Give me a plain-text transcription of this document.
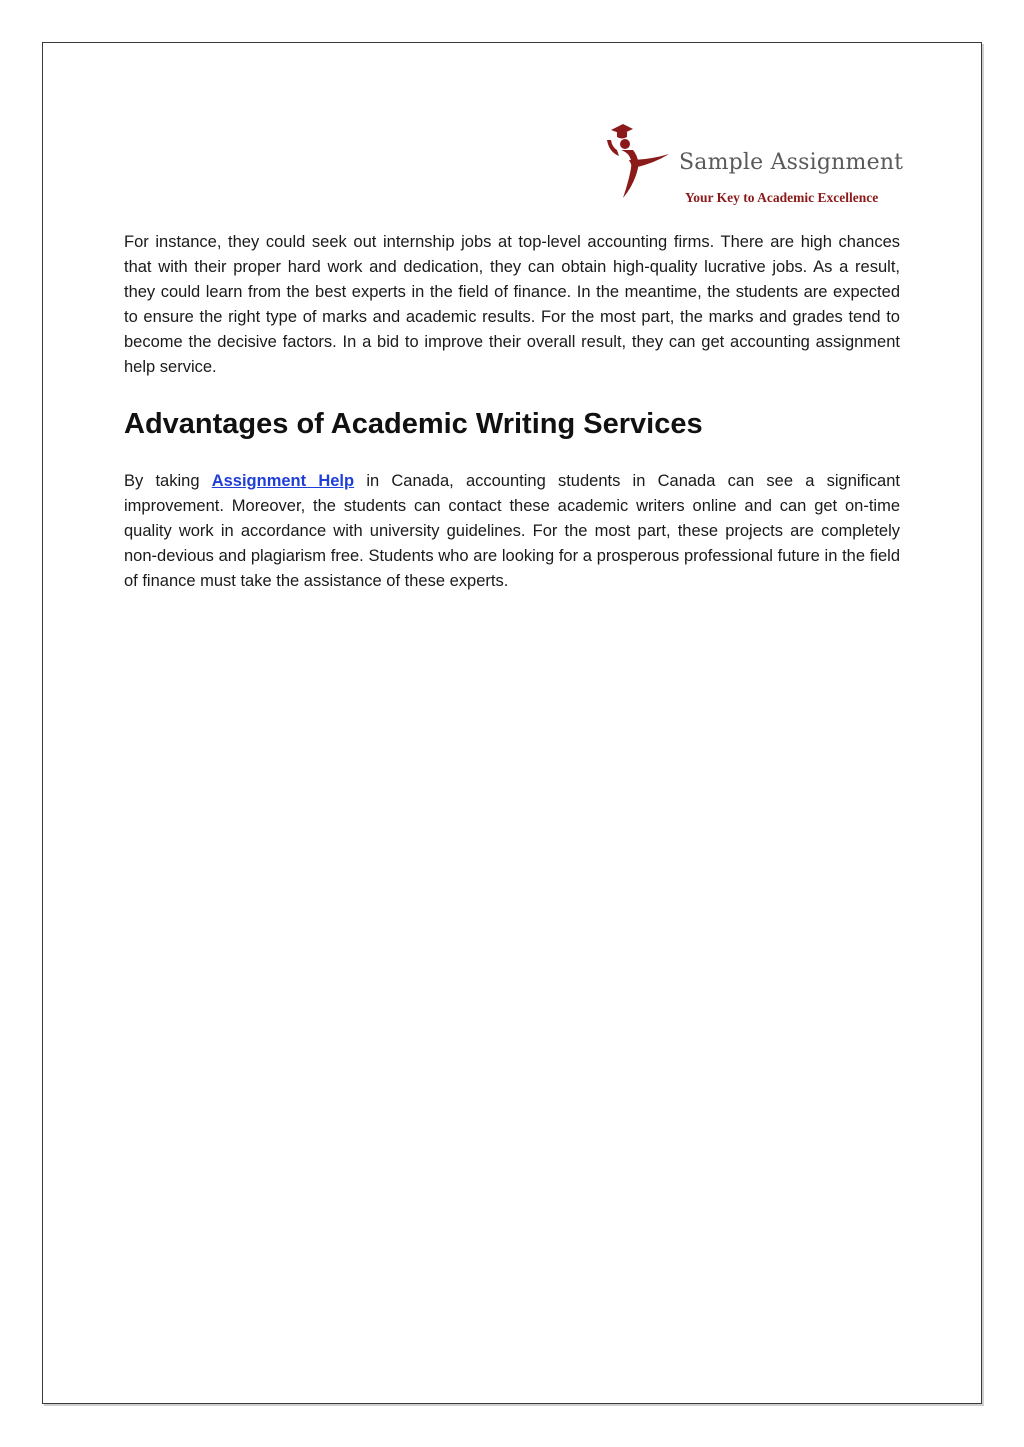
Sample Assignment
Your Key to Academic Excellence

For instance, they could seek out internship jobs at top-level accounting firms. There are high chances that with their proper hard work and dedication, they can obtain high-quality lucrative jobs. As a result, they could learn from the best experts in the field of finance. In the meantime, the students are expected to ensure the right type of marks and academic results. For the most part, the marks and grades tend to become the decisive factors. In a bid to improve their overall result, they can get accounting assignment help service.

Advantages of Academic Writing Services

By taking Assignment Help in Canada, accounting students in Canada can see a significant improvement. Moreover, the students can contact these academic writers online and can get on-time quality work in accordance with university guidelines. For the most part, these projects are completely non-devious and plagiarism free. Students who are looking for a prosperous professional future in the field of finance must take the assistance of these experts.
